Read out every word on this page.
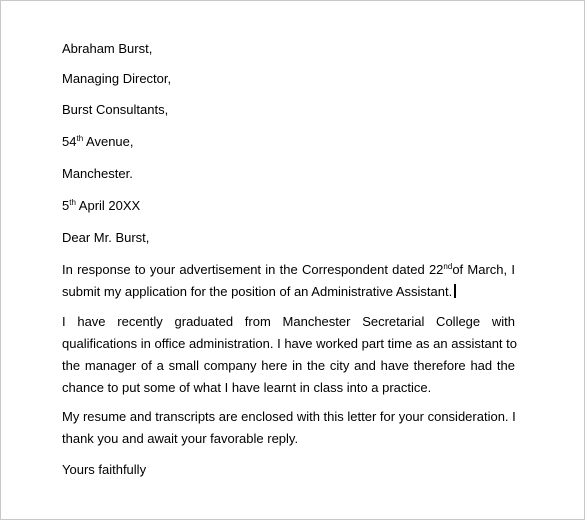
Abraham Burst,
Managing Director,
Burst Consultants,
54th Avenue,
Manchester.
5th April 20XX
Dear Mr. Burst,
In response to your advertisement in the Correspondent dated 22ndof March, I
submit my application for the position of an Administrative Assistant.
I have recently graduated from Manchester Secretarial College with
qualifications in office administration. I have worked part time as an assistant to
the manager of a small company here in the city and have therefore had the
chance to put some of what I have learnt in class into a practice.
My resume and transcripts are enclosed with this letter for your consideration. I
thank you and await your favorable reply.
Yours faithfully
